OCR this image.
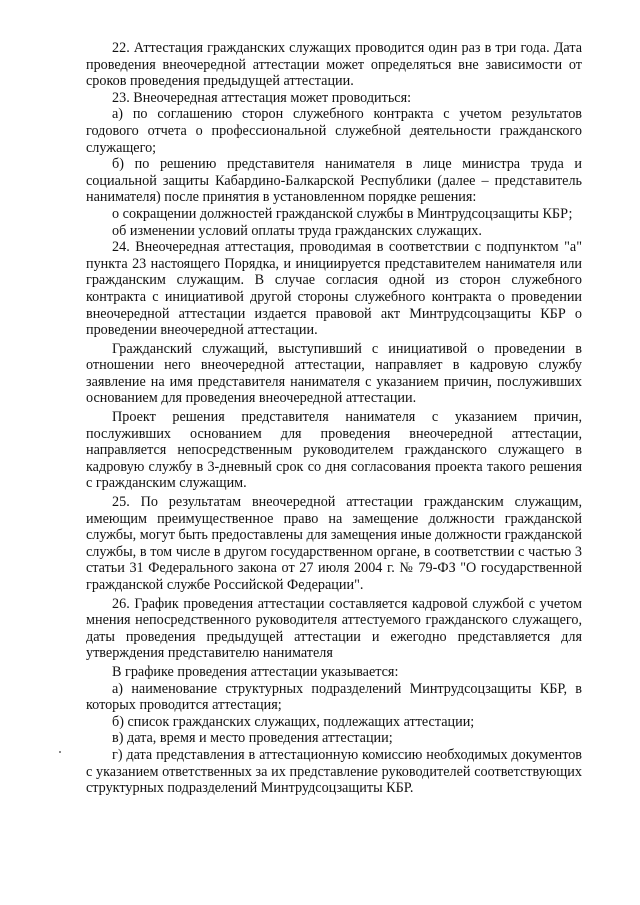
22. Аттестация гражданских служащих проводится один раз в три года. Дата проведения внеочередной аттестации может определяться вне зависимости от сроков проведения предыдущей аттестации.

23. Внеочередная аттестация может проводиться:

а) по соглашению сторон служебного контракта с учетом результатов годового отчета о профессиональной служебной деятельности гражданского служащего;

б) по решению представителя нанимателя в лице министра труда и социальной защиты Кабардино-Балкарской Республики (далее – представитель нанимателя) после принятия в установленном порядке решения:

о сокращении должностей гражданской службы в Минтрудсоцзащиты КБР;

об изменении условий оплаты труда гражданских служащих.

24. Внеочередная аттестация, проводимая в соответствии с подпунктом "а" пункта 23 настоящего Порядка, и инициируется представителем нанимателя или гражданским служащим. В случае согласия одной из сторон служебного контракта с инициативой другой стороны служебного контракта о проведении внеочередной аттестации издается правовой акт Минтрудсоцзащиты КБР о проведении внеочередной аттестации.

Гражданский служащий, выступивший с инициативой о проведении в отношении него внеочередной аттестации, направляет в кадровую службу заявление на имя представителя нанимателя с указанием причин, послуживших основанием для проведения внеочередной аттестации.

Проект решения представителя нанимателя с указанием причин, послуживших основанием для проведения внеочередной аттестации, направляется непосредственным руководителем гражданского служащего в кадровую службу в 3-дневный срок со дня согласования проекта такого решения с гражданским служащим.

25. По результатам внеочередной аттестации гражданским служащим, имеющим преимущественное право на замещение должности гражданской службы, могут быть предоставлены для замещения иные должности гражданской службы, в том числе в другом государственном органе, в соответствии с частью 3 статьи 31 Федерального закона от 27 июля 2004 г. № 79-ФЗ "О государственной гражданской службе Российской Федерации".

26. График проведения аттестации составляется кадровой службой с учетом мнения непосредственного руководителя аттестуемого гражданского служащего, даты проведения предыдущей аттестации и ежегодно представляется для утверждения представителю нанимателя

В графике проведения аттестации указывается:

а) наименование структурных подразделений Минтрудсоцзащиты КБР, в которых проводится аттестация;

б) список гражданских служащих, подлежащих аттестации;

в) дата, время и место проведения аттестации;

г) дата представления в аттестационную комиссию необходимых документов с указанием ответственных за их представление руководителей соответствующих структурных подразделений Минтрудсоцзащиты КБР.
